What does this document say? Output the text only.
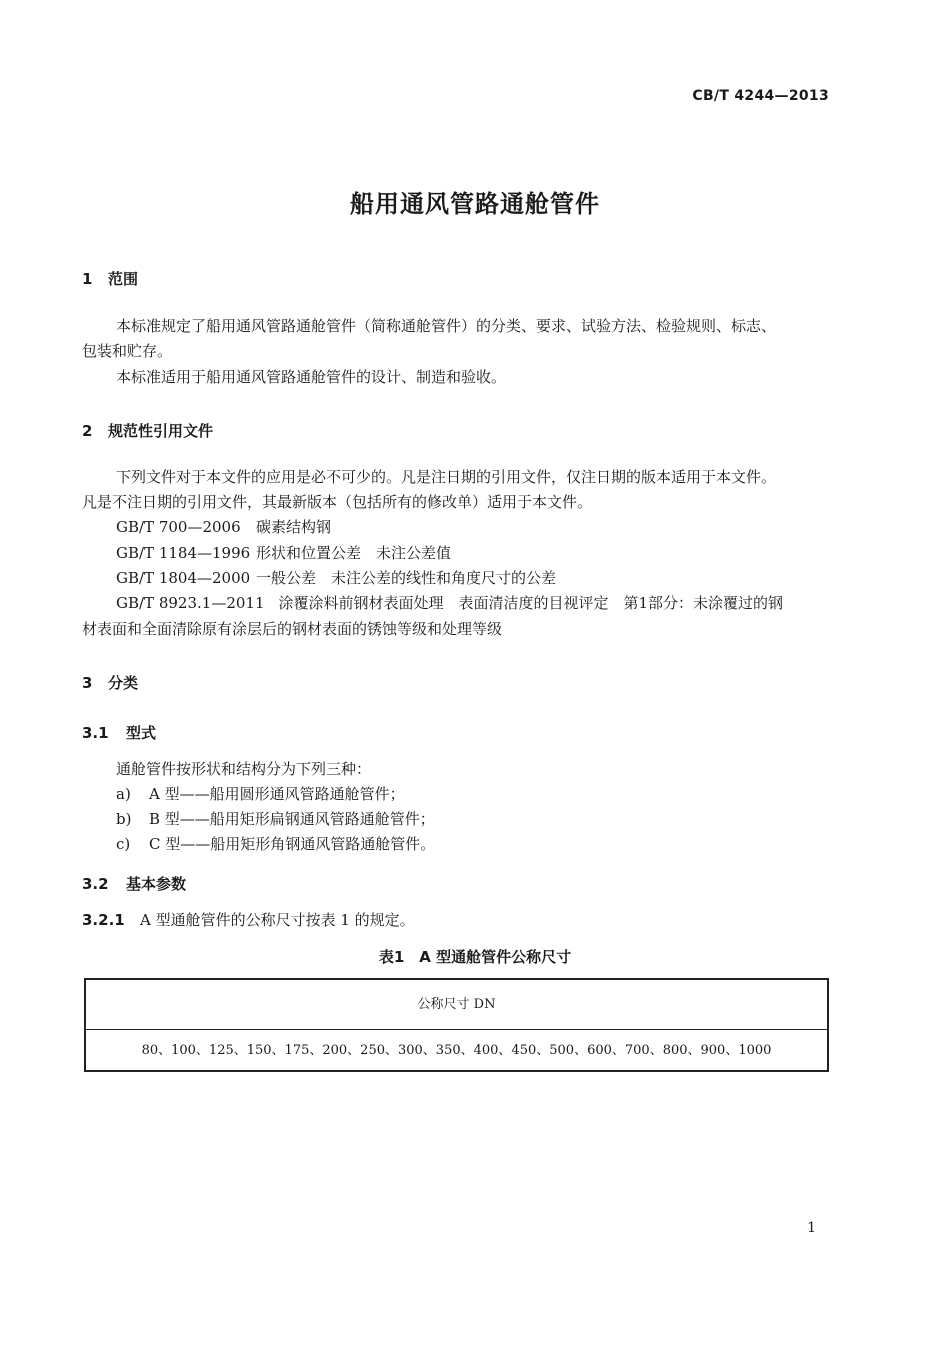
CB/T 4244—2013
船用通风管路通舱管件
1 范围
本标准规定了船用通风管路通舱管件（简称通舱管件）的分类、要求、试验方法、检验规则、标志、
包装和贮存。
本标准适用于船用通风管路通舱管件的设计、制造和验收。
2 规范性引用文件
下列文件对于本文件的应用是必不可少的。凡是注日期的引用文件，仅注日期的版本适用于本文件。
凡是不注日期的引用文件，其最新版本（包括所有的修改单）适用于本文件。
GB/T 700—2006 碳素结构钢
GB/T 1184—1996 形状和位置公差　未注公差值
GB/T 1804—2000 一般公差　未注公差的线性和角度尺寸的公差
GB/T 8923.1—2011 涂覆涂料前钢材表面处理　表面清洁度的目视评定　第1部分：未涂覆过的钢
材表面和全面清除原有涂层后的钢材表面的锈蚀等级和处理等级
3 分类
3.1 型式
通舱管件按形状和结构分为下列三种：
a) A 型——船用圆形通风管路通舱管件；
b) B 型——船用矩形扁钢通风管路通舱管件；
c) C 型——船用矩形角钢通风管路通舱管件。
3.2 基本参数
3.2.1 A 型通舱管件的公称尺寸按表 1 的规定。
表1　A 型通舱管件公称尺寸
公称尺寸 DN
80、100、125、150、175、200、250、300、350、400、450、500、600、700、800、900、1000
1
